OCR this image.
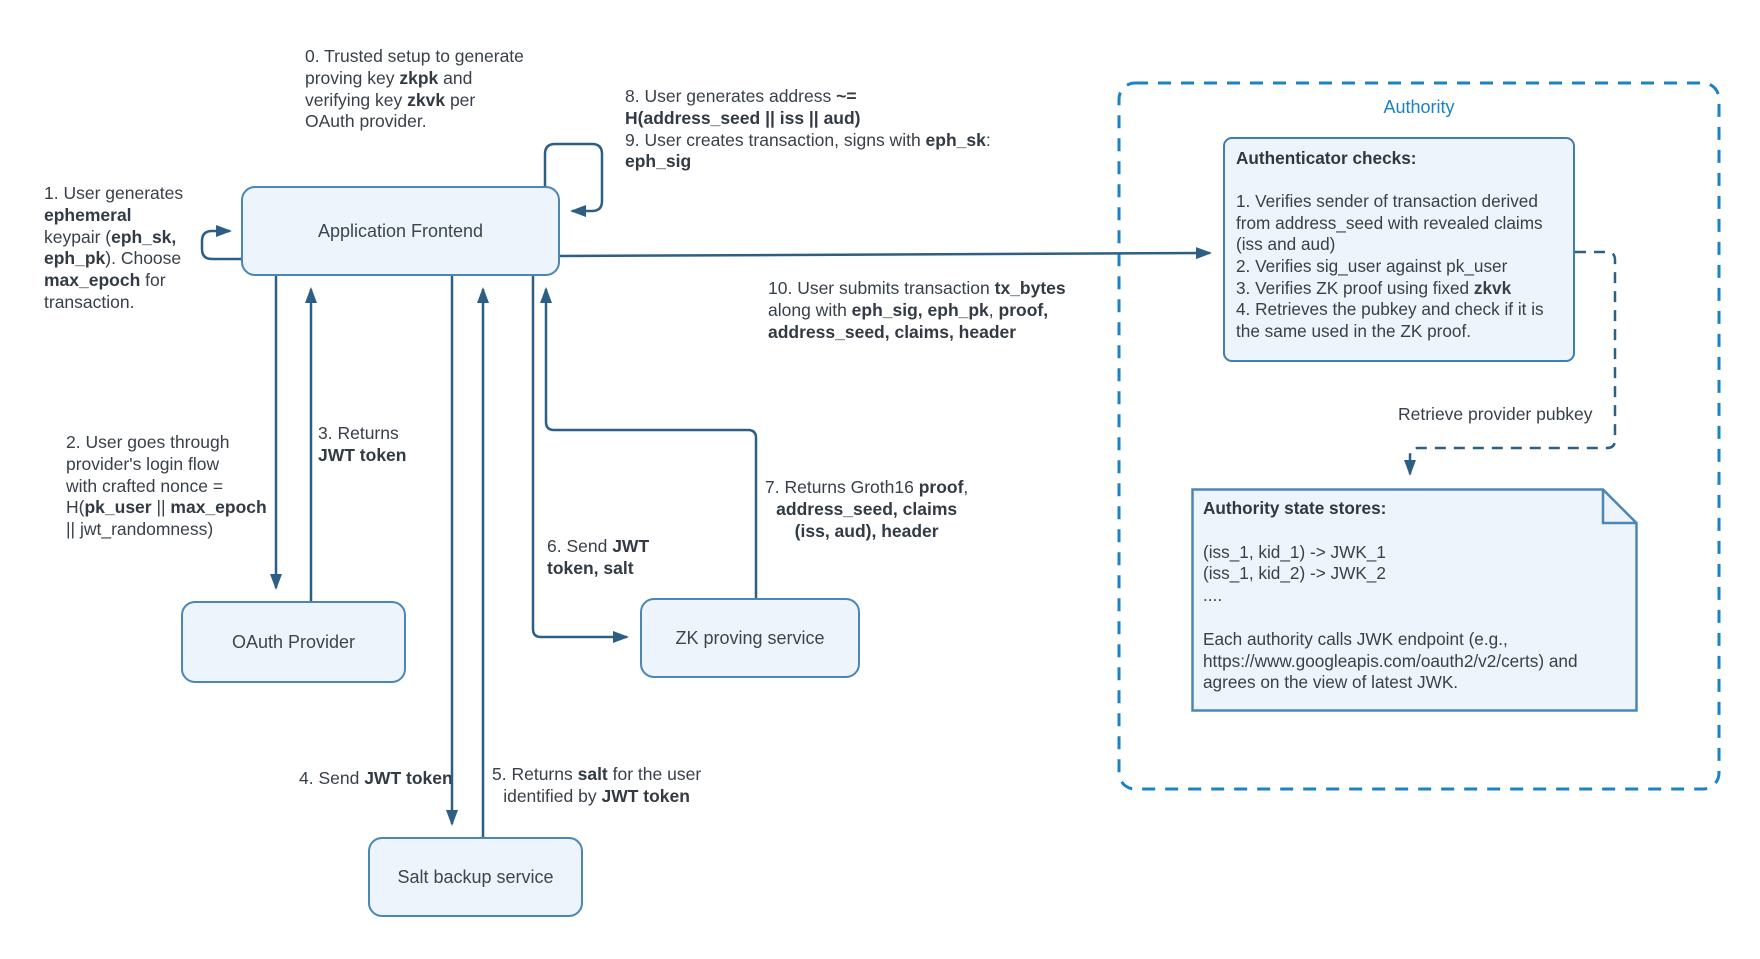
Application Frontend
OAuth Provider	ZK proving service
Salt backup service
Authority
Authenticator checks:
1. Verifies sender of transaction derived
from address_seed with revealed claims
(iss and aud)
2. Verifies sig_user against pk_user
3. Verifies ZK proof using fixed zkvk
4. Retrieves the pubkey and check if it is
the same used in the ZK proof.
Authority state stores:
(iss_1, kid_1) -> JWK_1
(iss_1, kid_2) -> JWK_2
....
Each authority calls JWK endpoint (e.g.,
https://www.googleapis.com/oauth2/v2/certs) and
agrees on the view of latest JWK.
Retrieve provider pubkey
0. Trusted setup to generate
proving key zkpk and
verifying key zkvk per
OAuth provider.
1. User generates
ephemeral
keypair (eph_sk,
eph_pk). Choose
max_epoch for
transaction.
2. User goes through
provider's login flow
with crafted nonce =
H(pk_user || max_epoch
|| jwt_randomness)
3. Returns
JWT token
4. Send JWT token 5. Returns salt for the user
identified by JWT token
6. Send JWT
token, salt
7. Returns Groth16 proof,
address_seed, claims
(iss, aud), header
8. User generates address ~=
H(address_seed || iss || aud)
9. User creates transaction, signs with eph_sk:
eph_sig
10. User submits transaction tx_bytes
along with eph_sig, eph_pk, proof,
address_seed, claims, header
